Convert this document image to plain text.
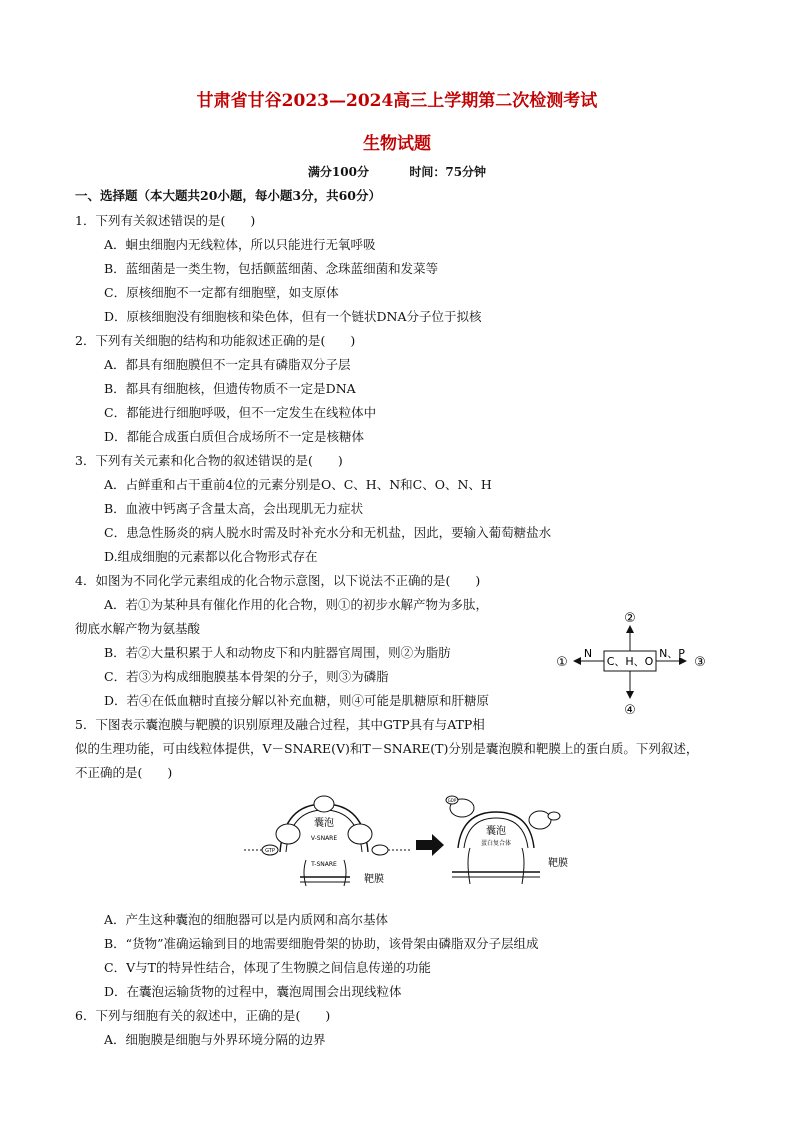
甘肃省甘谷2023—2024高三上学期第二次检测考试
生物试题
满分100分	时间：75分钟
一、选择题（本大题共20小题，每小题3分，共60分）
1．下列有关叙述错误的是(　　)
A．蛔虫细胞内无线粒体，所以只能进行无氧呼吸
B．蓝细菌是一类生物，包括颤蓝细菌、念珠蓝细菌和发菜等
C．原核细胞不一定都有细胞壁，如支原体
D．原核细胞没有细胞核和染色体，但有一个链状DNA分子位于拟核
2．下列有关细胞的结构和功能叙述正确的是(　　)
A．都具有细胞膜但不一定具有磷脂双分子层
B．都具有细胞核，但遗传物质不一定是DNA
C．都能进行细胞呼吸，但不一定发生在线粒体中
D．都能合成蛋白质但合成场所不一定是核糖体
3．下列有关元素和化合物的叙述错误的是(　　)
A．占鲜重和占干重前4位的元素分别是O、C、H、N和C、O、N、H
B．血液中钙离子含量太高，会出现肌无力症状
C．患急性肠炎的病人脱水时需及时补充水分和无机盐，因此，要输入葡萄糖盐水
D.组成细胞的元素都以化合物形式存在
4．如图为不同化学元素组成的化合物示意图，以下说法不正确的是(　　)
A．若①为某种具有催化作用的化合物，则①的初步水解产物为多肽，
彻底水解产物为氨基酸
B．若②大量积累于人和动物皮下和内脏器官周围，则②为脂肪
C．若③为构成细胞膜基本骨架的分子，则③为磷脂
D．若④在低血糖时直接分解以补充血糖，则④可能是肌糖原和肝糖原
C、H、O
N	N、P
①
②
③
④
5．下图表示囊泡膜与靶膜的识别原理及融合过程，其中GTP具有与ATP相
似的生理功能，可由线粒体提供，V－SNARE(V)和T－SNARE(T)分别是囊泡膜和靶膜上的蛋白质。下列叙述，
不正确的是(　　)
囊泡
V-SNARE
T-SNARE
靶膜
GTP
囊泡
蛋白复合体
靶膜
GDP
A．产生这种囊泡的细胞器可以是内质网和高尔基体
B．“货物”准确运输到目的地需要细胞骨架的协助，该骨架由磷脂双分子层组成
C．V与T的特异性结合，体现了生物膜之间信息传递的功能
D．在囊泡运输货物的过程中，囊泡周围会出现线粒体
6．下列与细胞有关的叙述中，正确的是(　　)
A．细胞膜是细胞与外界环境分隔的边界
